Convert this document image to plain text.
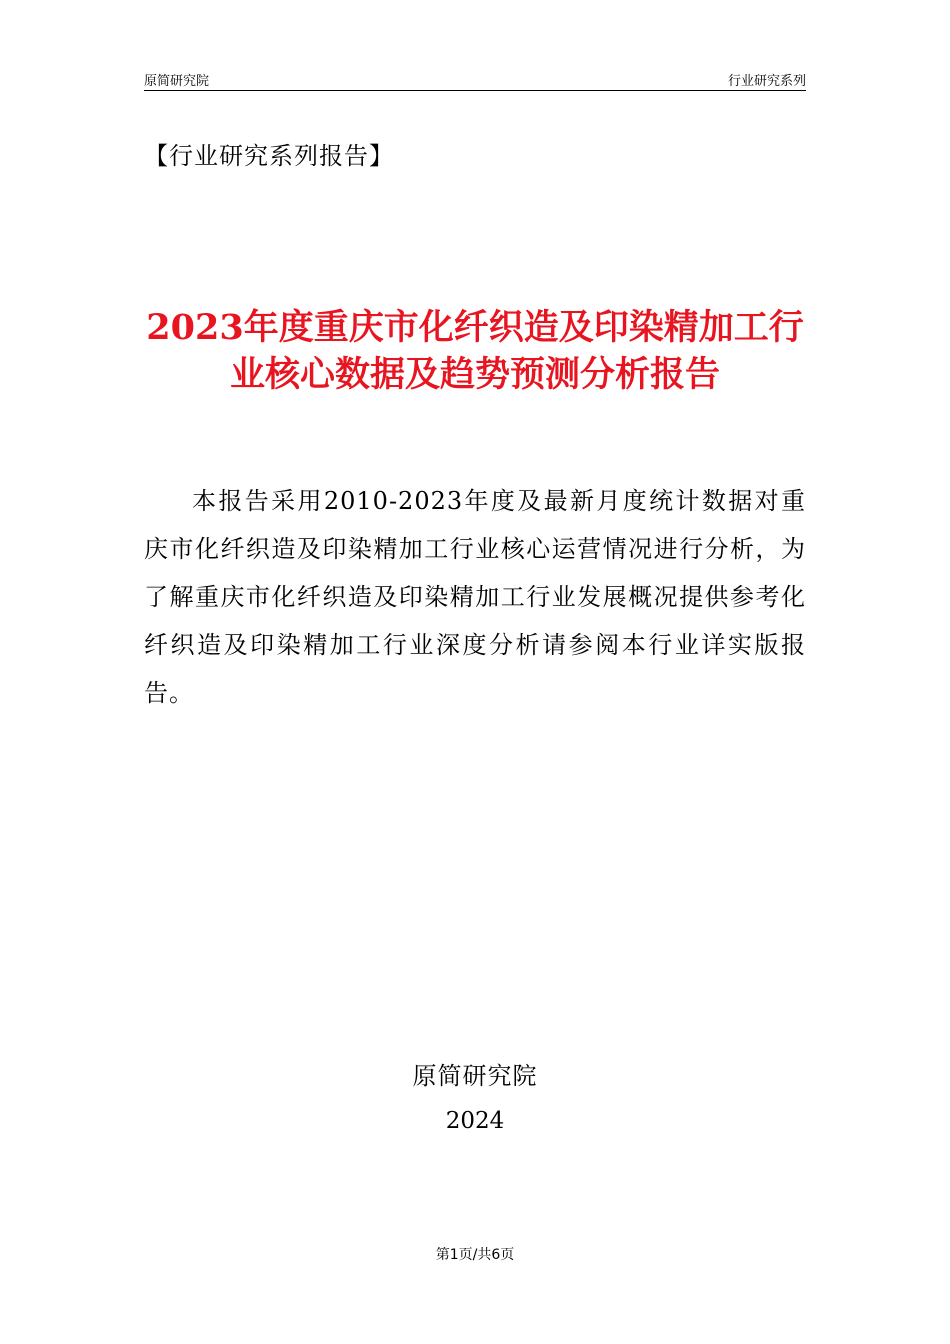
原简研究院	行业研究系列
【行业研究系列报告】
2023年度重庆市化纤织造及印染精加工行业核心数据及趋势预测分析报告
本报告采用2010-2023年度及最新月度统计数据对重庆市化纤织造及印染精加工行业核心运营情况进行分析，为了解重庆市化纤织造及印染精加工行业发展概况提供参考化纤织造及印染精加工行业深度分析请参阅本行业详实版报告。
原简研究院
2024
第1页/共6页
